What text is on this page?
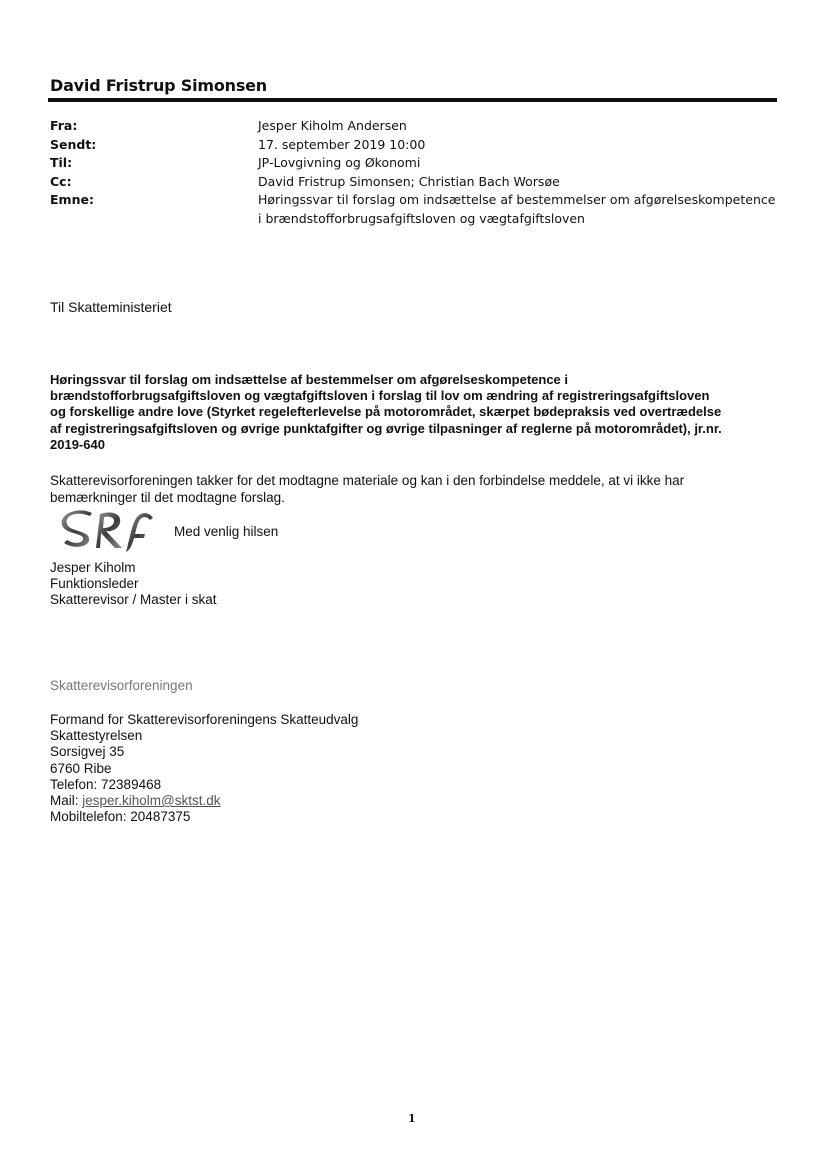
David Fristrup Simonsen
Fra:	Jesper Kiholm Andersen
Sendt:	17. september 2019 10:00
Til:	JP-Lovgivning og Økonomi
Cc:	David Fristrup Simonsen; Christian Bach Worsøe
Emne:	Høringssvar til forslag om indsættelse af bestemmelser om afgørelseskompetence i brændstofforbrugsafgiftsloven og vægtafgiftsloven
Til Skatteministeriet
Høringssvar til forslag om indsættelse af bestemmelser om afgørelseskompetence i
brændstofforbrugsafgiftsloven og vægtafgiftsloven i forslag til lov om ændring af registreringsafgiftsloven
og forskellige andre love (Styrket regelefterlevelse på motorområdet, skærpet bødepraksis ved overtrædelse
af registreringsafgiftsloven og øvrige punktafgifter og øvrige tilpasninger af reglerne på motorområdet), jr.nr.
2019-640
Skatterevisorforeningen takker for det modtagne materiale og kan i den forbindelse meddele, at vi ikke har
bemærkninger til det modtagne forslag.
Med venlig hilsen
Jesper Kiholm
Funktionsleder
Skatterevisor / Master i skat
Skatterevisorforeningen
Formand for Skatterevisorforeningens Skatteudvalg
Skattestyrelsen
Sorsigvej 35
6760 Ribe
Telefon: 72389468
Mail: jesper.kiholm@sktst.dk
Mobiltelefon: 20487375
1
